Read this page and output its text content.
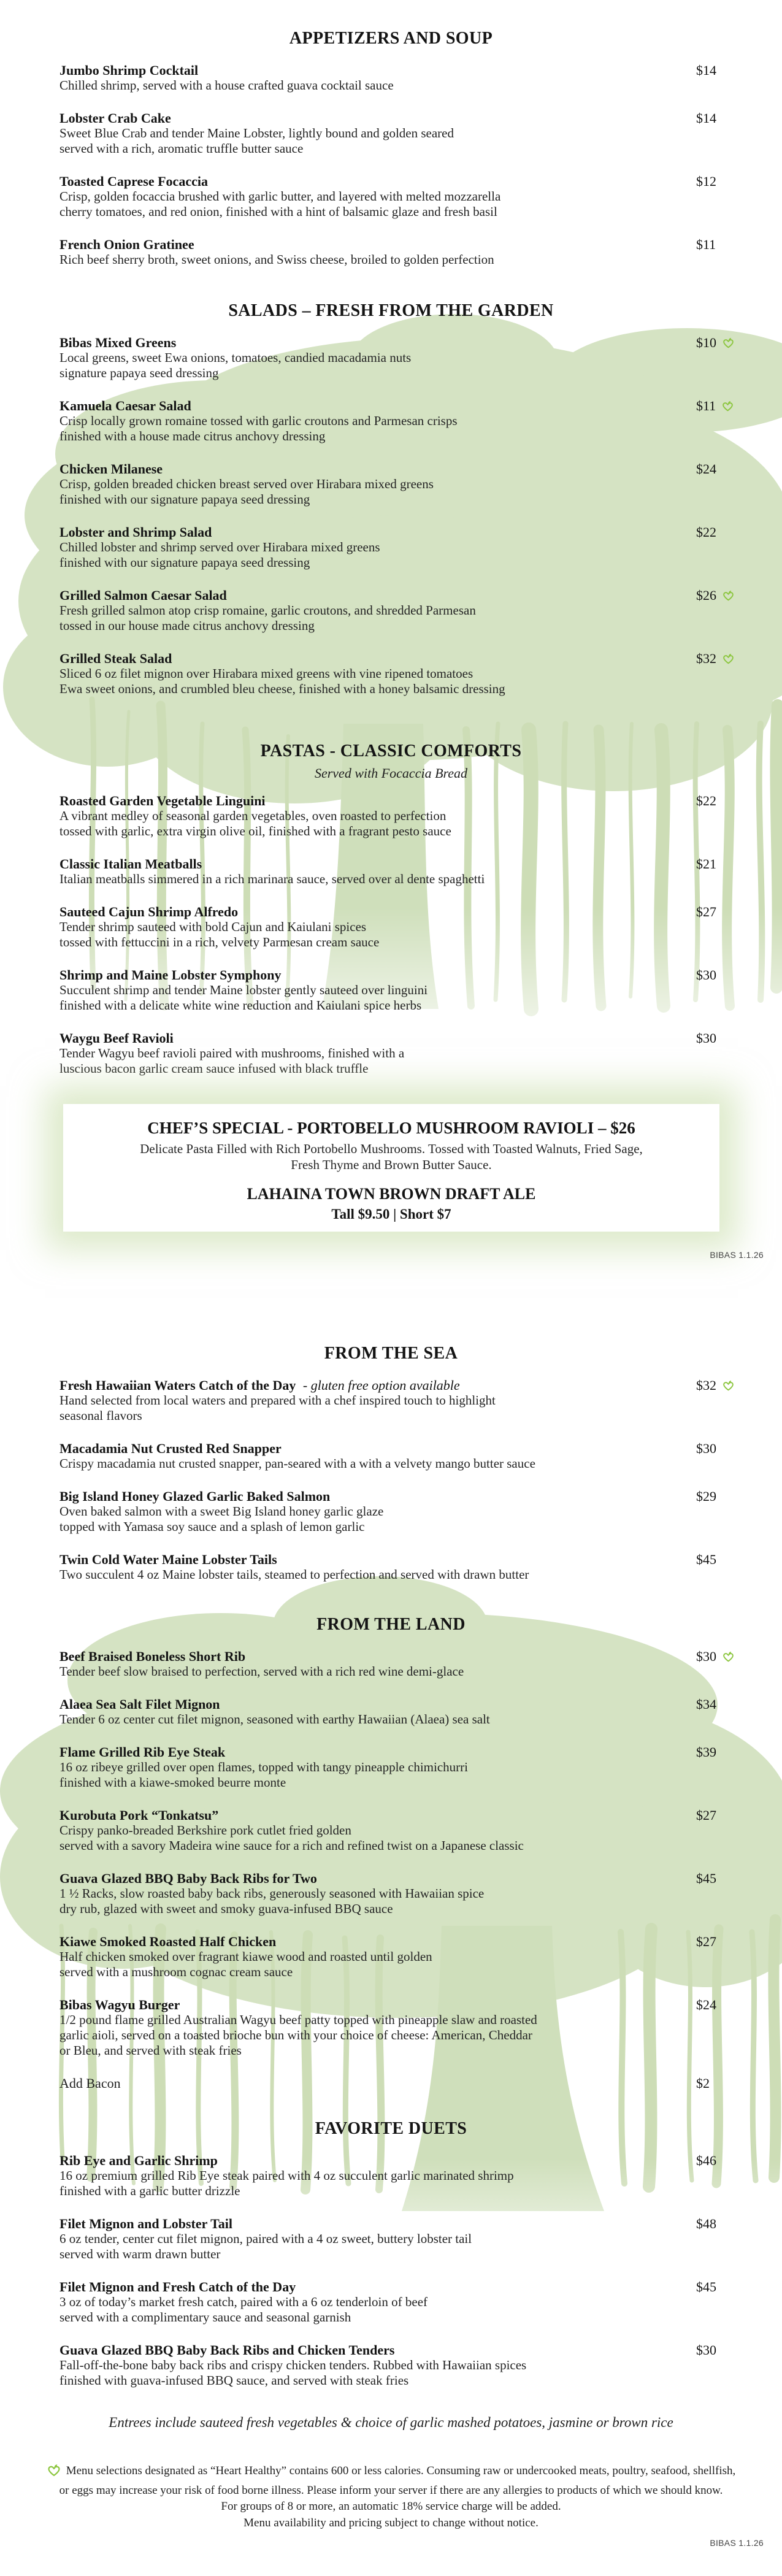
APPETIZERS AND SOUP
Jumbo Shrimp Cocktail
Chilled shrimp, served with a house crafted guava cocktail sauce
$14
Lobster Crab Cake
Sweet Blue Crab and tender Maine Lobster, lightly bound and golden seared
served with a rich, aromatic truffle butter sauce
$14
Toasted Caprese Focaccia
Crisp, golden focaccia brushed with garlic butter, and layered with melted mozzarella
cherry tomatoes, and red onion, finished with a hint of balsamic glaze and fresh basil
$12
French Onion Gratinee
Rich beef sherry broth, sweet onions, and Swiss cheese, broiled to golden perfection
$11
SALADS – FRESH FROM THE GARDEN
Bibas Mixed Greens
Local greens, sweet Ewa onions, tomatoes, candied macadamia nuts
signature papaya seed dressing
$10
Kamuela Caesar Salad
Crisp locally grown romaine tossed with garlic croutons and Parmesan crisps
finished with a house made citrus anchovy dressing
$11
Chicken Milanese
Crisp, golden breaded chicken breast served over Hirabara mixed greens
finished with our signature papaya seed dressing
$24
Lobster and Shrimp Salad
Chilled lobster and shrimp served over Hirabara mixed greens
finished with our signature papaya seed dressing
$22
Grilled Salmon Caesar Salad
Fresh grilled salmon atop crisp romaine, garlic croutons, and shredded Parmesan
tossed in our house made citrus anchovy dressing
$26
Grilled Steak Salad
Sliced 6 oz filet mignon over Hirabara mixed greens with vine ripened tomatoes
Ewa sweet onions, and crumbled bleu cheese, finished with a honey balsamic dressing
$32
PASTAS - CLASSIC COMFORTS
Served with Focaccia Bread
Roasted Garden Vegetable Linguini
A vibrant medley of seasonal garden vegetables, oven roasted to perfection
tossed with garlic, extra virgin olive oil, finished with a fragrant pesto sauce
$22
Classic Italian Meatballs
Italian meatballs simmered in a rich marinara sauce, served over al dente spaghetti
$21
Sauteed Cajun Shrimp Alfredo
Tender shrimp sauteed with bold Cajun and Kaiulani spices
tossed with fettuccini in a rich, velvety Parmesan cream sauce
$27
Shrimp and Maine Lobster Symphony
Succulent shrimp and tender Maine lobster gently sauteed over linguini
finished with a delicate white wine reduction and Kaiulani spice herbs
$30
Waygu Beef Ravioli
Tender Wagyu beef ravioli paired with mushrooms, finished with a
luscious bacon garlic cream sauce infused with black truffle
$30
CHEF’S SPECIAL - PORTOBELLO MUSHROOM RAVIOLI – $26
Delicate Pasta Filled with Rich Portobello Mushrooms. Tossed with Toasted Walnuts, Fried Sage,
Fresh Thyme and Brown Butter Sauce.
LAHAINA TOWN BROWN DRAFT ALE
Tall $9.50 | Short $7
BIBAS 1.1.26
FROM THE SEA
Fresh Hawaiian Waters Catch of the Day - gluten free option available
Hand selected from local waters and prepared with a chef inspired touch to highlight
seasonal flavors
$32
Macadamia Nut Crusted Red Snapper
Crispy macadamia nut crusted snapper, pan-seared with a with a velvety mango butter sauce
$30
Big Island Honey Glazed Garlic Baked Salmon
Oven baked salmon with a sweet Big Island honey garlic glaze
topped with Yamasa soy sauce and a splash of lemon garlic
$29
Twin Cold Water Maine Lobster Tails
Two succulent 4 oz Maine lobster tails, steamed to perfection and served with drawn butter
$45
FROM THE LAND
Beef Braised Boneless Short Rib
Tender beef slow braised to perfection, served with a rich red wine demi-glace
$30
Alaea Sea Salt Filet Mignon
Tender 6 oz center cut filet mignon, seasoned with earthy Hawaiian (Alaea) sea salt
$34
Flame Grilled Rib Eye Steak
16 oz ribeye grilled over open flames, topped with tangy pineapple chimichurri
finished with a kiawe-smoked beurre monte
$39
Kurobuta Pork “Tonkatsu”
Crispy panko-breaded Berkshire pork cutlet fried golden
served with a savory Madeira wine sauce for a rich and refined twist on a Japanese classic
$27
Guava Glazed BBQ Baby Back Ribs for Two
1 ½ Racks, slow roasted baby back ribs, generously seasoned with Hawaiian spice
dry rub, glazed with sweet and smoky guava-infused BBQ sauce
$45
Kiawe Smoked Roasted Half Chicken
Half chicken smoked over fragrant kiawe wood and roasted until golden
served with a mushroom cognac cream sauce
$27
Bibas Wagyu Burger
1/2 pound flame grilled Australian Wagyu beef patty topped with pineapple slaw and roasted
garlic aioli, served on a toasted brioche bun with your choice of cheese: American, Cheddar
or Bleu, and served with steak fries
$24
Add Bacon	$2
FAVORITE DUETS
Rib Eye and Garlic Shrimp
16 oz premium grilled Rib Eye steak paired with 4 oz succulent garlic marinated shrimp
finished with a garlic butter drizzle
$46
Filet Mignon and Lobster Tail
6 oz tender, center cut filet mignon, paired with a 4 oz sweet, buttery lobster tail
served with warm drawn butter
$48
Filet Mignon and Fresh Catch of the Day
3 oz of today’s market fresh catch, paired with a 6 oz tenderloin of beef
served with a complimentary sauce and seasonal garnish
$45
Guava Glazed BBQ Baby Back Ribs and Chicken Tenders
Fall-off-the-bone baby back ribs and crispy chicken tenders. Rubbed with Hawaiian spices
finished with guava-infused BBQ sauce, and served with steak fries
$30
Entrees include sauteed fresh vegetables & choice of garlic mashed potatoes, jasmine or brown rice
Menu selections designated as “Heart Healthy” contains 600 or less calories. Consuming raw or undercooked meats, poultry, seafood, shellfish,
or eggs may increase your risk of food borne illness. Please inform your server if there are any allergies to products of which we should know.
For groups of 8 or more, an automatic 18% service charge will be added.
Menu availability and pricing subject to change without notice.
BIBAS 1.1.26
